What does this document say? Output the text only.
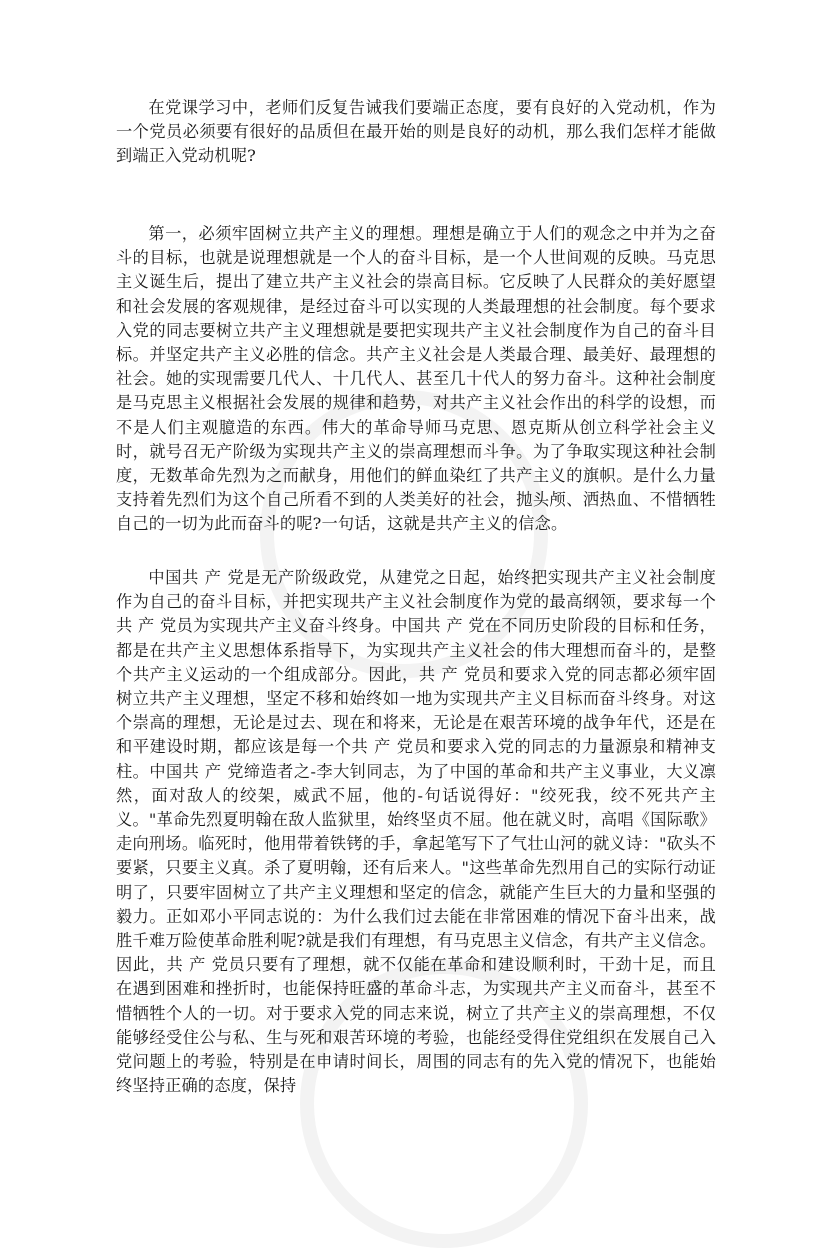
在党课学习中，老师们反复告诫我们要端正态度，要有良好的入党动机，作为一个党员必须要有很好的品质但在最开始的则是良好的动机，那么我们怎样才能做到端正入党动机呢?

第一，必须牢固树立共产主义的理想。理想是确立于人们的观念之中并为之奋斗的目标，也就是说理想就是一个人的奋斗目标，是一个人世间观的反映。马克思主义诞生后，提出了建立共产主义社会的崇高目标。它反映了人民群众的美好愿望和社会发展的客观规律，是经过奋斗可以实现的人类最理想的社会制度。每个要求入党的同志要树立共产主义理想就是要把实现共产主义社会制度作为自己的奋斗目标。并坚定共产主义必胜的信念。共产主义社会是人类最合理、最美好、最理想的社会。她的实现需要几代人、十几代人、甚至几十代人的努力奋斗。这种社会制度是马克思主义根据社会发展的规律和趋势，对共产主义社会作出的科学的设想，而不是人们主观臆造的东西。伟大的革命导师马克思、恩克斯从创立科学社会主义时，就号召无产阶级为实现共产主义的崇高理想而斗争。为了争取实现这种社会制度，无数革命先烈为之而献身，用他们的鲜血染红了共产主义的旗帜。是什么力量支持着先烈们为这个自己所看不到的人类美好的社会，抛头颅、洒热血、不惜牺牲自己的一切为此而奋斗的呢?一句话，这就是共产主义的信念。

中国共 产 党是无产阶级政党，从建党之日起，始终把实现共产主义社会制度作为自己的奋斗目标，并把实现共产主义社会制度作为党的最高纲领，要求每一个共 产 党员为实现共产主义奋斗终身。中国共 产 党在不同历史阶段的目标和任务，都是在共产主义思想体系指导下，为实现共产主义社会的伟大理想而奋斗的，是整个共产主义运动的一个组成部分。因此，共 产 党员和要求入党的同志都必须牢固树立共产主义理想，坚定不移和始终如一地为实现共产主义目标而奋斗终身。对这个崇高的理想，无论是过去、现在和将来，无论是在艰苦环境的战争年代，还是在和平建设时期，都应该是每一个共 产 党员和要求入党的同志的力量源泉和精神支柱。中国共 产 党缔造者之-李大钊同志，为了中国的革命和共产主义事业，大义凛然，面对敌人的绞架，威武不屈，他的-句话说得好："绞死我，绞不死共产主义。"革命先烈夏明翰在敌人监狱里，始终坚贞不屈。他在就义时，高唱《国际歌》走向刑场。临死时，他用带着铁铐的手，拿起笔写下了气壮山河的就义诗："砍头不要紧，只要主义真。杀了夏明翰，还有后来人。"这些革命先烈用自己的实际行动证明了，只要牢固树立了共产主义理想和坚定的信念，就能产生巨大的力量和坚强的毅力。正如邓小平同志说的：为什么我们过去能在非常困难的情况下奋斗出来，战胜千难万险使革命胜利呢?就是我们有理想，有马克思主义信念，有共产主义信念。因此，共 产 党员只要有了理想，就不仅能在革命和建设顺利时，干劲十足，而且在遇到困难和挫折时，也能保持旺盛的革命斗志，为实现共产主义而奋斗，甚至不惜牺牲个人的一切。对于要求入党的同志来说，树立了共产主义的崇高理想，不仅能够经受住公与私、生与死和艰苦环境的考验，也能经受得住党组织在发展自己入党问题上的考验，特别是在申请时间长，周围的同志有的先入党的情况下，也能始终坚持正确的态度，保持
